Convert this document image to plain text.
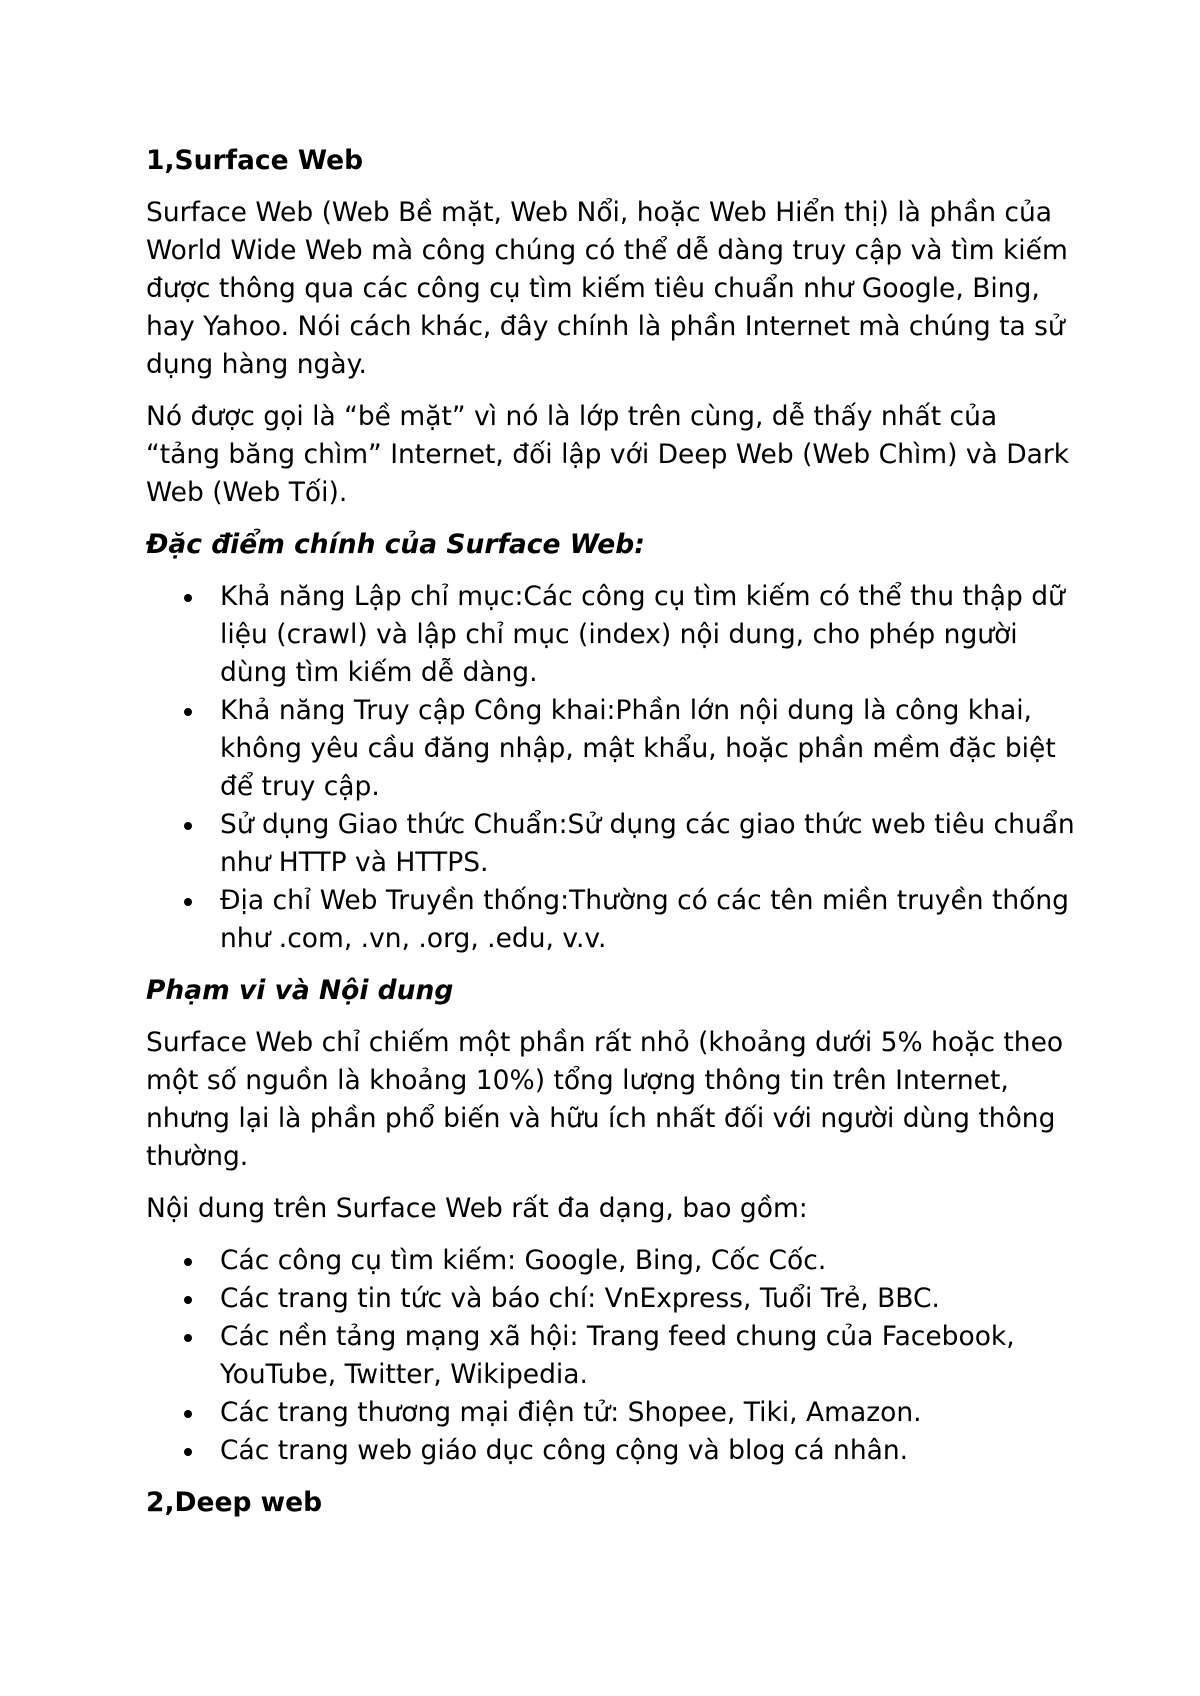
1,Surface Web

Surface Web (Web Bề mặt, Web Nổi, hoặc Web Hiển thị) là phần của World Wide Web mà công chúng có thể dễ dàng truy cập và tìm kiếm được thông qua các công cụ tìm kiếm tiêu chuẩn như Google, Bing, hay Yahoo. Nói cách khác, đây chính là phần Internet mà chúng ta sử dụng hàng ngày.

Nó được gọi là “bề mặt” vì nó là lớp trên cùng, dễ thấy nhất của “tảng băng chìm” Internet, đối lập với Deep Web (Web Chìm) và Dark Web (Web Tối).

Đặc điểm chính của Surface Web:
Khả năng Lập chỉ mục:Các công cụ tìm kiếm có thể thu thập dữ liệu (crawl) và lập chỉ mục (index) nội dung, cho phép người dùng tìm kiếm dễ dàng.
Khả năng Truy cập Công khai:Phần lớn nội dung là công khai, không yêu cầu đăng nhập, mật khẩu, hoặc phần mềm đặc biệt để truy cập.
Sử dụng Giao thức Chuẩn:Sử dụng các giao thức web tiêu chuẩn như HTTP và HTTPS.
Địa chỉ Web Truyền thống:Thường có các tên miền truyền thống như .com, .vn, .org, .edu, v.v.
Phạm vi và Nội dung

Surface Web chỉ chiếm một phần rất nhỏ (khoảng dưới 5% hoặc theo một số nguồn là khoảng 10%) tổng lượng thông tin trên Internet, nhưng lại là phần phổ biến và hữu ích nhất đối với người dùng thông thường.

Nội dung trên Surface Web rất đa dạng, bao gồm:

Các công cụ tìm kiếm: Google, Bing, Cốc Cốc.
Các trang tin tức và báo chí: VnExpress, Tuổi Trẻ, BBC.
Các nền tảng mạng xã hội: Trang feed chung của Facebook, YouTube, Twitter, Wikipedia.
Các trang thương mại điện tử: Shopee, Tiki, Amazon.
Các trang web giáo dục công cộng và blog cá nhân.
2,Deep web
